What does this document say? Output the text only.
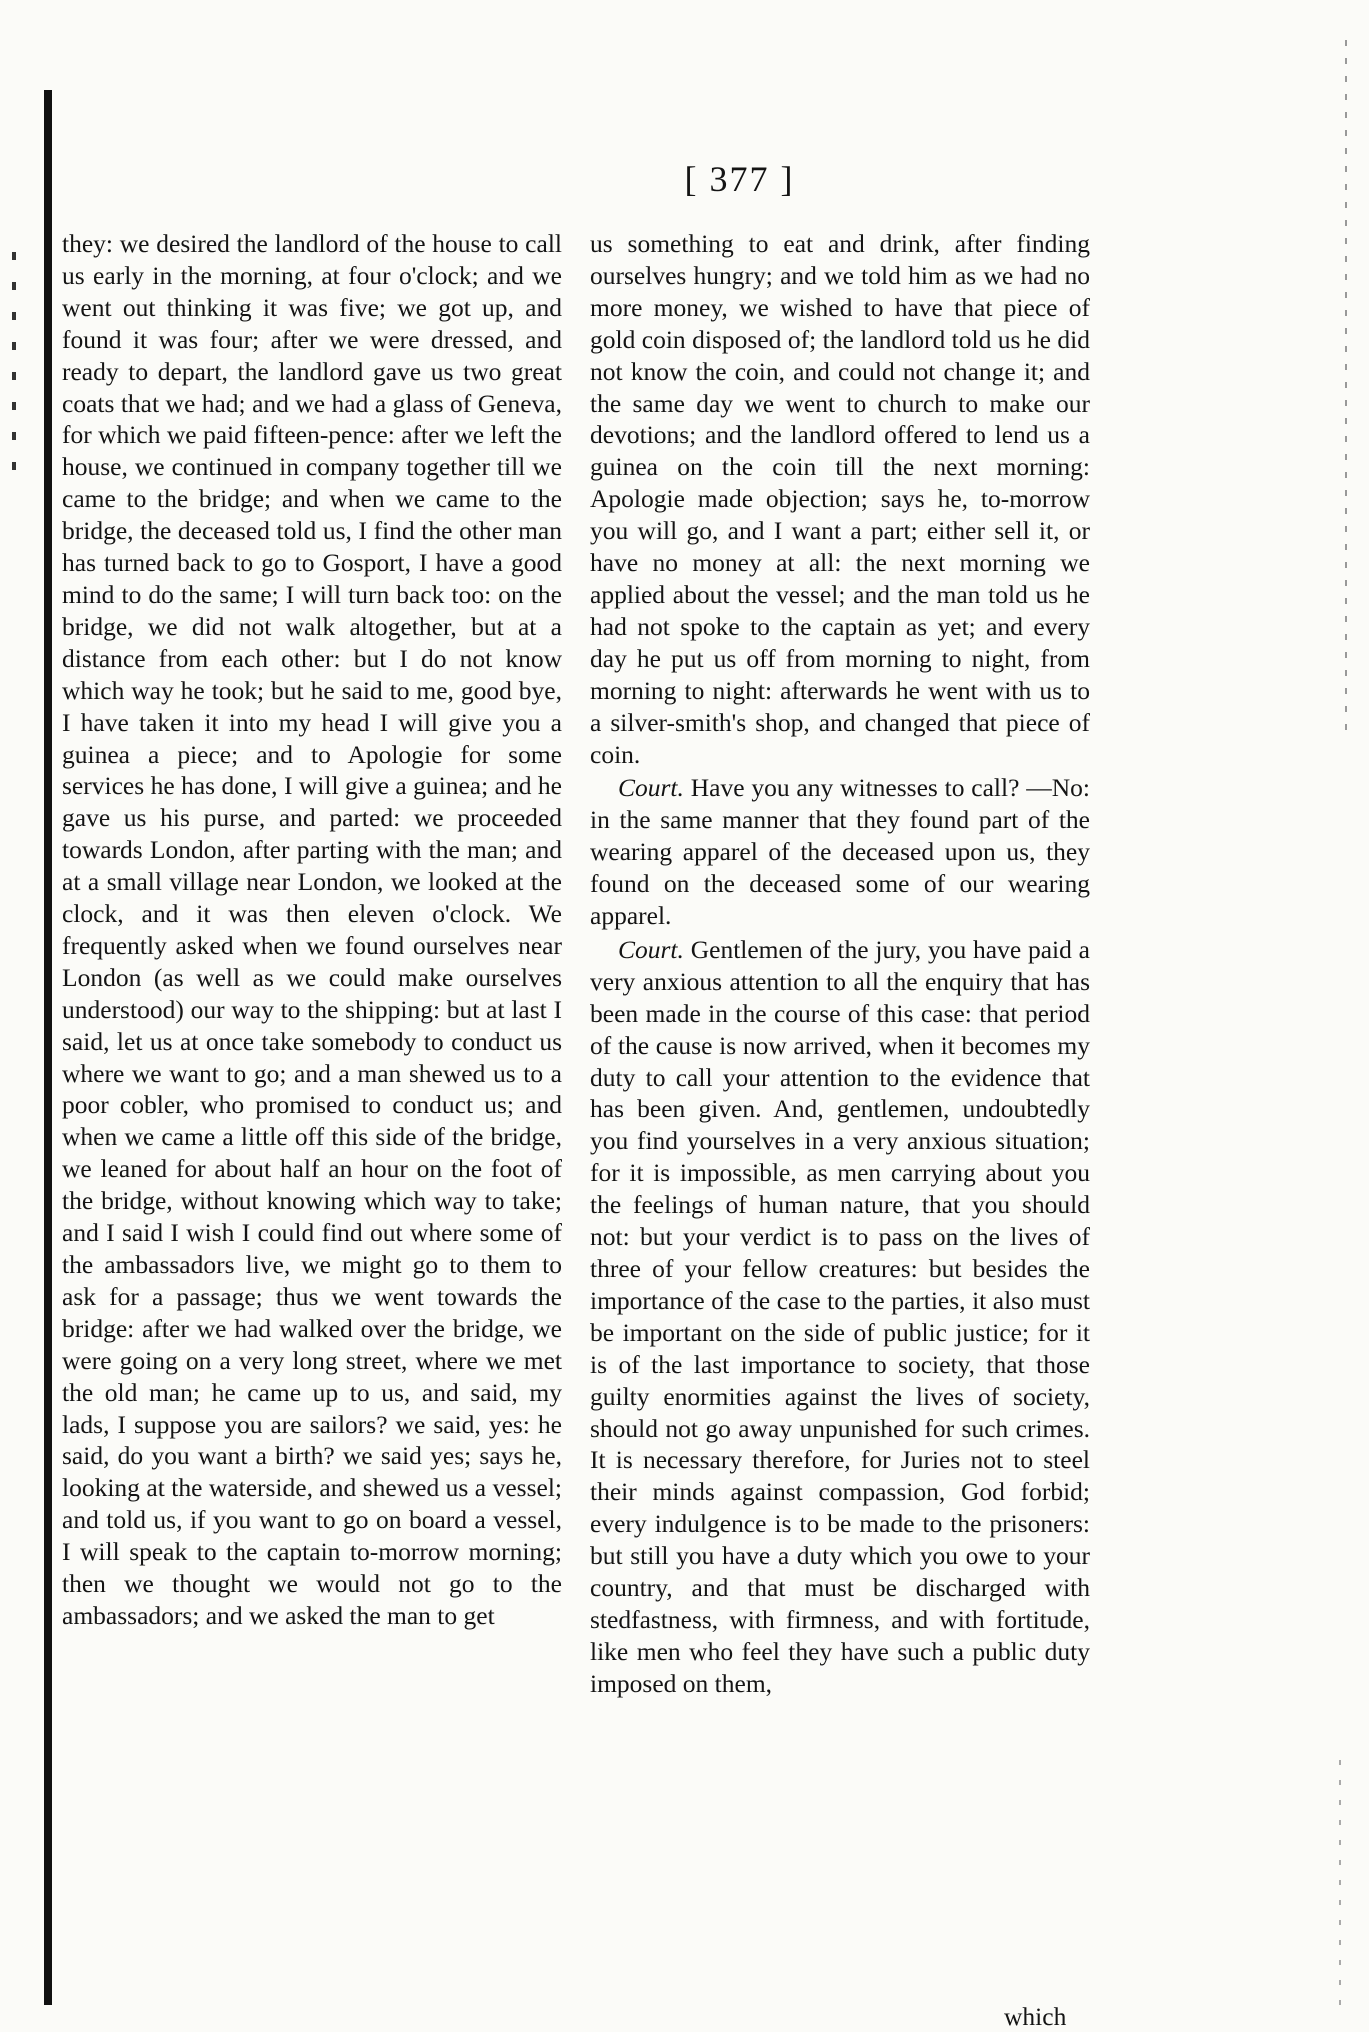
[ 377 ]

they: we desired the landlord of the house to call us early in the morning, at four o'clock; and we went out thinking it was five; we got up, and found it was four; after we were dressed, and ready to depart, the landlord gave us two great coats that we had; and we had a glass of Geneva, for which we paid fifteen-pence: after we left the house, we continued in company together till we came to the bridge; and when we came to the bridge, the deceased told us, I find the other man has turned back to go to Gosport, I have a good mind to do the same; I will turn back too: on the bridge, we did not walk altogether, but at a distance from each other: but I do not know which way he took; but he said to me, good bye, I have taken it into my head I will give you a guinea a piece; and to Apologie for some services he has done, I will give a guinea; and he gave us his purse, and parted: we proceeded towards London, after parting with the man; and at a small village near London, we looked at the clock, and it was then eleven o'clock. We frequently asked when we found ourselves near London (as well as we could make ourselves understood) our way to the shipping: but at last I said, let us at once take somebody to conduct us where we want to go; and a man shewed us to a poor cobler, who promised to conduct us; and when we came a little off this side of the bridge, we leaned for about half an hour on the foot of the bridge, without knowing which way to take; and I said I wish I could find out where some of the ambassadors live, we might go to them to ask for a passage; thus we went towards the bridge: after we had walked over the bridge, we were going on a very long street, where we met the old man; he came up to us, and said, my lads, I suppose you are sailors? we said, yes: he said, do you want a birth? we said yes; says he, looking at the waterside, and shewed us a vessel; and told us, if you want to go on board a vessel, I will speak to the captain to-morrow morning; then we thought we would not go to the ambassadors; and we asked the man to get

us something to eat and drink, after finding ourselves hungry; and we told him as we had no more money, we wished to have that piece of gold coin disposed of; the landlord told us he did not know the coin, and could not change it; and the same day we went to church to make our devotions; and the landlord offered to lend us a guinea on the coin till the next morning: Apologie made objection; says he, to-morrow you will go, and I want a part; either sell it, or have no money at all: the next morning we applied about the vessel; and the man told us he had not spoke to the captain as yet; and every day he put us off from morning to night, from morning to night: afterwards he went with us to a silver-smith's shop, and changed that piece of coin.

Court. Have you any witnesses to call? —No: in the same manner that they found part of the wearing apparel of the deceased upon us, they found on the deceased some of our wearing apparel.

Court. Gentlemen of the jury, you have paid a very anxious attention to all the enquiry that has been made in the course of this case: that period of the cause is now arrived, when it becomes my duty to call your attention to the evidence that has been given. And, gentlemen, undoubtedly you find yourselves in a very anxious situation; for it is impossible, as men carrying about you the feelings of human nature, that you should not: but your verdict is to pass on the lives of three of your fellow creatures: but besides the importance of the case to the parties, it also must be important on the side of public justice; for it is of the last importance to society, that those guilty enormities against the lives of society, should not go away unpunished for such crimes. It is necessary therefore, for Juries not to steel their minds against compassion, God forbid; every indulgence is to be made to the prisoners: but still you have a duty which you owe to your country, and that must be discharged with stedfastness, with firmness, and with fortitude, like men who feel they have such a public duty imposed on them,

which
